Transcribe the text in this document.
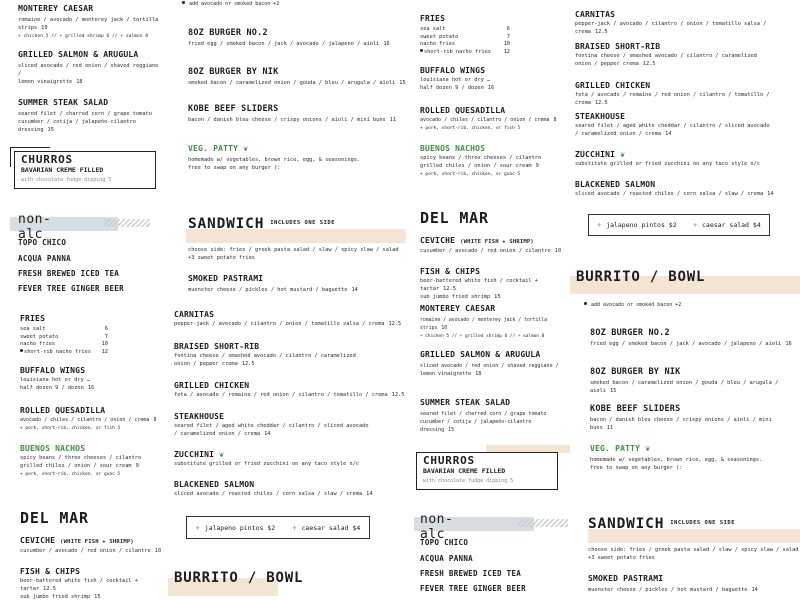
MONTEREY CAESAR
romaine / avocado / monterey jack / tortilla strips 10
+ chicken 5 // + grilled shrimp 6 // + salmon 8
GRILLED SALMON & ARUGULA
sliced avocado / red onion / shaved reggiano /
lemon vinaigrette 18
SUMMER STEAK SALAD
seared filet / charred corn / grape tomato
cucumber / cotija / jalapeño-cilantro dressing 15
CHURROS
BAVARIAN CREME FILLED
with chocolate fudge dipping 5
non-alc
TOPO CHICO
ACQUA PANNA
FRESH BREWED ICED TEA
FEVER TREE GINGER BEER
add avocado or smoked bacon +2
8OZ BURGER NO.2
fried egg / smoked bacon / jack / avocado / jalapeno / aioli 16
8OZ BURGER BY NIK
smoked bacon / caramelized onion / gouda / bleu / arugula / aioli 15
KOBE BEEF SLIDERS
bacon / danish bleu cheese / crispy onions / aioli / mini buns 11
VEG. PATTY ❦
homemade w/ vegetables, brown rice, egg, & seasonings.
free to swap on any burger (:
SANDWICH $^{INCLUDES ONE SIDE}$
choose side: fries / greek pasta salad / slaw / spicy slaw / salad
+3 sweet potato fries
SMOKED PASTRAMI
muenster cheese / pickles / hot mustard / baguette 14
FRIES
sea salt	6
sweet potato	7
nacho fries	10
short-rib nacho fries	12
BUFFALO WINGS
louisiana hot or dry …
half dozen 9 / dozen 16
ROLLED QUESADILLA
avocado / chiles / cilantro / onion / crema 8
+ pork, short-rib, chicken, or fish 5
BUENOS NACHOS
spicy beans / three cheeses / cilantro
grilled chiles / onion / sour cream 9
+ pork, short-rib, chicken, or guac 5
DEL MAR
CEVICHE (WHITE FISH + SHRIMP)
cucumber / avocado / red onion / cilantro 10
FISH & CHIPS
beer-battered white fish / cocktail + tartar 12.5
sub jumbo fried shrimp 15
CARNITAS
pepper-jack / avocado / cilantro / onion / tomatillo salsa / crema 12.5
BRAISED SHORT-RIB
fontina cheese / smashed avocado / cilantro / caramelized
onion / pepper crema 12.5
GRILLED CHICKEN
feta / avocado / romaine / red onion / cilantro / tomatillo / crema 12.5
STEAKHOUSE
seared filet / aged white cheddar / cilantro / sliced avocado
/ caramelized onion / crema 14
ZUCCHINI ❦
substitute grilled or fried zucchini on any taco style n/c
BLACKENED SALMON
sliced avocado / roasted chiles / corn salsa / slaw / crema 14
+ jalapeno pintos $2	+ caesar salad $4
BURRITO / BOWL
FRIES
sea salt	6
sweet potato	7
nacho fries	10
short-rib nacho fries	12
BUFFALO WINGS
louisiana hot or dry …
half dozen 9 / dozen 16
ROLLED QUESADILLA
avocado / chiles / cilantro / onion / crema 8
+ pork, short-rib, chicken, or fish 5
BUENOS NACHOS
spicy beans / three cheeses / cilantro
grilled chiles / onion / sour cream 9
+ pork, short-rib, chicken, or guac 5
DEL MAR
CEVICHE (WHITE FISH + SHRIMP)
cucumber / avocado / red onion / cilantro 10
FISH & CHIPS
beer-battered white fish / cocktail + tartar 12.5
sub jumbo fried shrimp 15
CARNITAS
pepper-jack / avocado / cilantro / onion / tomatillo salsa / crema 12.5
BRAISED SHORT-RIB
fontina cheese / smashed avocado / cilantro / caramelized
onion / pepper crema 12.5
GRILLED CHICKEN
feta / avocado / romaine / red onion / cilantro / tomatillo / crema 12.5
STEAKHOUSE
seared filet / aged white cheddar / cilantro / sliced avocado
/ caramelized onion / crema 14
ZUCCHINI ❦
substitute grilled or fried zucchini on any taco style n/c
BLACKENED SALMON
sliced avocado / roasted chiles / corn salsa / slaw / crema 14
+ jalapeno pintos $2	+ caesar salad $4
BURRITO / BOWL
MONTEREY CAESAR
romaine / avocado / monterey jack / tortilla strips 10
+ chicken 5 // + grilled shrimp 6 // + salmon 8
GRILLED SALMON & ARUGULA
sliced avocado / red onion / shaved reggiano /
lemon vinaigrette 18
SUMMER STEAK SALAD
seared filet / charred corn / grape tomato
cucumber / cotija / jalapeño-cilantro dressing 15
CHURROS
BAVARIAN CREME FILLED
with chocolate fudge dipping 5
non-alc
TOPO CHICO
ACQUA PANNA
FRESH BREWED ICED TEA
FEVER TREE GINGER BEER
add avocado or smoked bacon +2
8OZ BURGER NO.2
fried egg / smoked bacon / jack / avocado / jalapeno / aioli 16
8OZ BURGER BY NIK
smoked bacon / caramelized onion / gouda / bleu / arugula / aioli 15
KOBE BEEF SLIDERS
bacon / danish bleu cheese / crispy onions / aioli / mini buns 11
VEG. PATTY ❦
homemade w/ vegetables, brown rice, egg, & seasonings.
free to swap on any burger (:
SANDWICH $^{INCLUDES ONE SIDE}$
choose side: fries / greek pasta salad / slaw / spicy slaw / salad
+3 sweet potato fries
SMOKED PASTRAMI
muenster cheese / pickles / hot mustard / baguette 14
